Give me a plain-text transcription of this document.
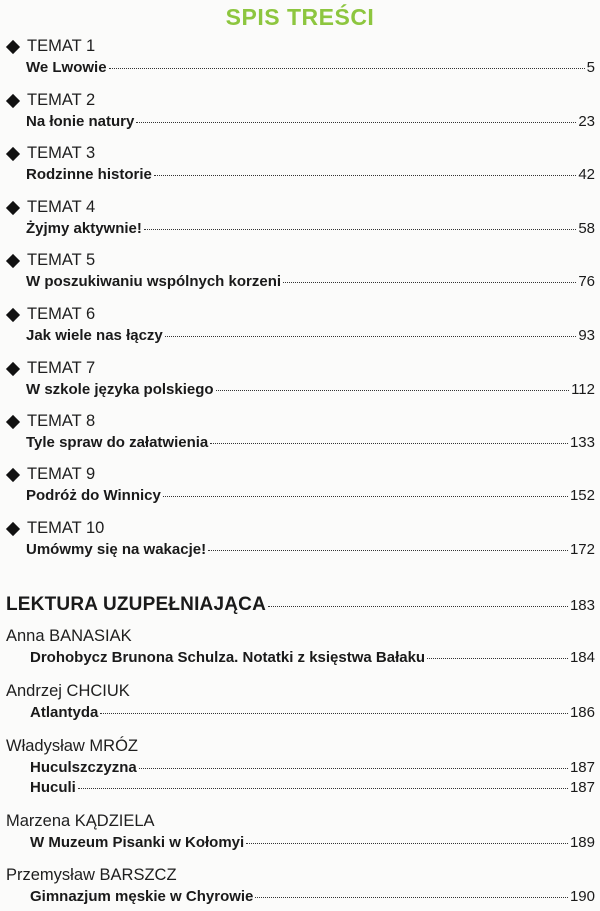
SPIS TREŚCI
TEMAT 1
We Lwowie	5
TEMAT 2
Na łonie natury	23
TEMAT 3
Rodzinne historie	42
TEMAT 4
Żyjmy aktywnie!	58
TEMAT 5
W poszukiwaniu wspólnych korzeni	76
TEMAT 6
Jak wiele nas łączy	93
TEMAT 7
W szkole języka polskiego	112
TEMAT 8
Tyle spraw do załatwienia	133
TEMAT 9
Podróż do Winnicy	152
TEMAT 10
Umówmy się na wakacje!	172
LEKTURA UZUPEŁNIAJĄCA	183
Anna BANASIAK
Drohobycz Brunona Schulza. Notatki z księstwa Bałaku	184
Andrzej CHCIUK
Atlantyda	186
Władysław MRÓZ
Huculszczyzna	187
Huculi	187
Marzena KĄDZIELA
W Muzeum Pisanki w Kołomyi	189
Przemysław BARSZCZ
Gimnazjum męskie w Chyrowie	190
